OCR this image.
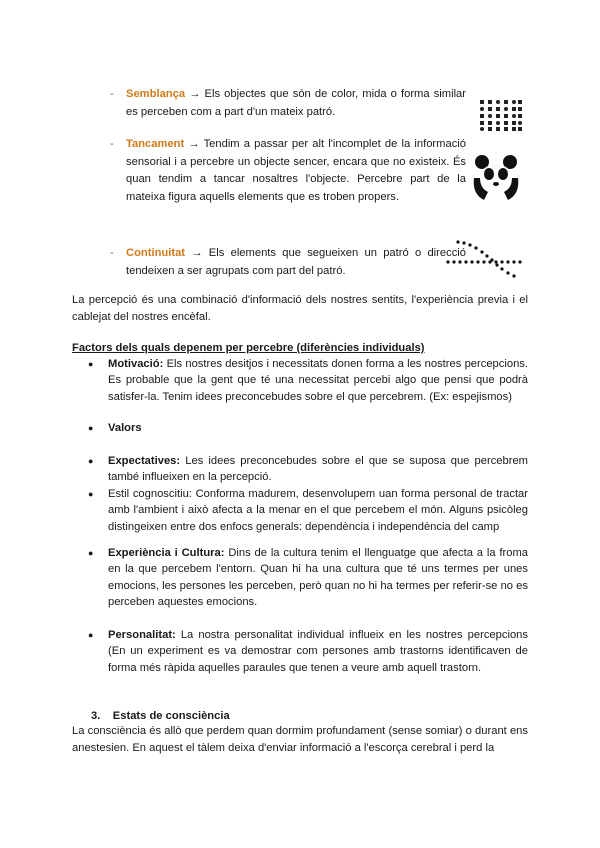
- Semblança → Els objectes que són de color, mida o forma similar es perceben com a part d'un mateix patró.
- Tancament → Tendim a passar per alt l'incomplet de la informació sensorial i a percebre un objecte sencer, encara que no existeix. És quan tendim a tancar nosaltres l'objecte. Percebre part de la mateixa figura aquells elements que es troben propers.
- Continuitat → Els elements que segueixen un patró o direcció tendeixen a ser agrupats com part del patró.
La percepció és una combinació d'informació dels nostres sentits, l'experiència previa i el cablejat del nostres encèfal.
Factors dels quals depenem per percebre (diferències individuals)
● Motivació: Els nostres desitjos i necessitats donen forma a les nostres percepcions. Es probable que la gent que té una necessitat percebi algo que pensi que podrà satisfer-la. Tenim idees preconcebudes sobre el que percebrem. (Ex: espejismos)
● Valors
● Expectatives: Les idees preconcebudes sobre el que se suposa que percebrem també influeixen en la percepció.
● Estil cognoscitiu: Conforma madurem, desenvolupem uan forma personal de tractar amb l'ambient i això afecta a la menar en el que percebem el món. Alguns psicòleg distingeixen entre dos enfocs generals: dependència i independència del camp
● Experiència i Cultura: Dins de la cultura tenim el llenguatge que afecta a la froma en la que percebem l'entorn. Quan hi ha una cultura que té uns termes per unes emocions, les persones les perceben, però quan no hi ha termes per referir-se no es perceben aquestes emocions.
● Personalitat: La nostra personalitat individual influeix en les nostres percepcions (En un experiment es va demostrar com persones amb trastorns identificaven de forma més ràpida aquelles paraules que tenen a veure amb aquell trastorn.
3. Estats de consciència
La consciència és allò que perdem quan dormim profundament (sense somiar) o durant ens anestesien. En aquest el tàlem deixa d'enviar informació a l'escorça cerebral i perd la
